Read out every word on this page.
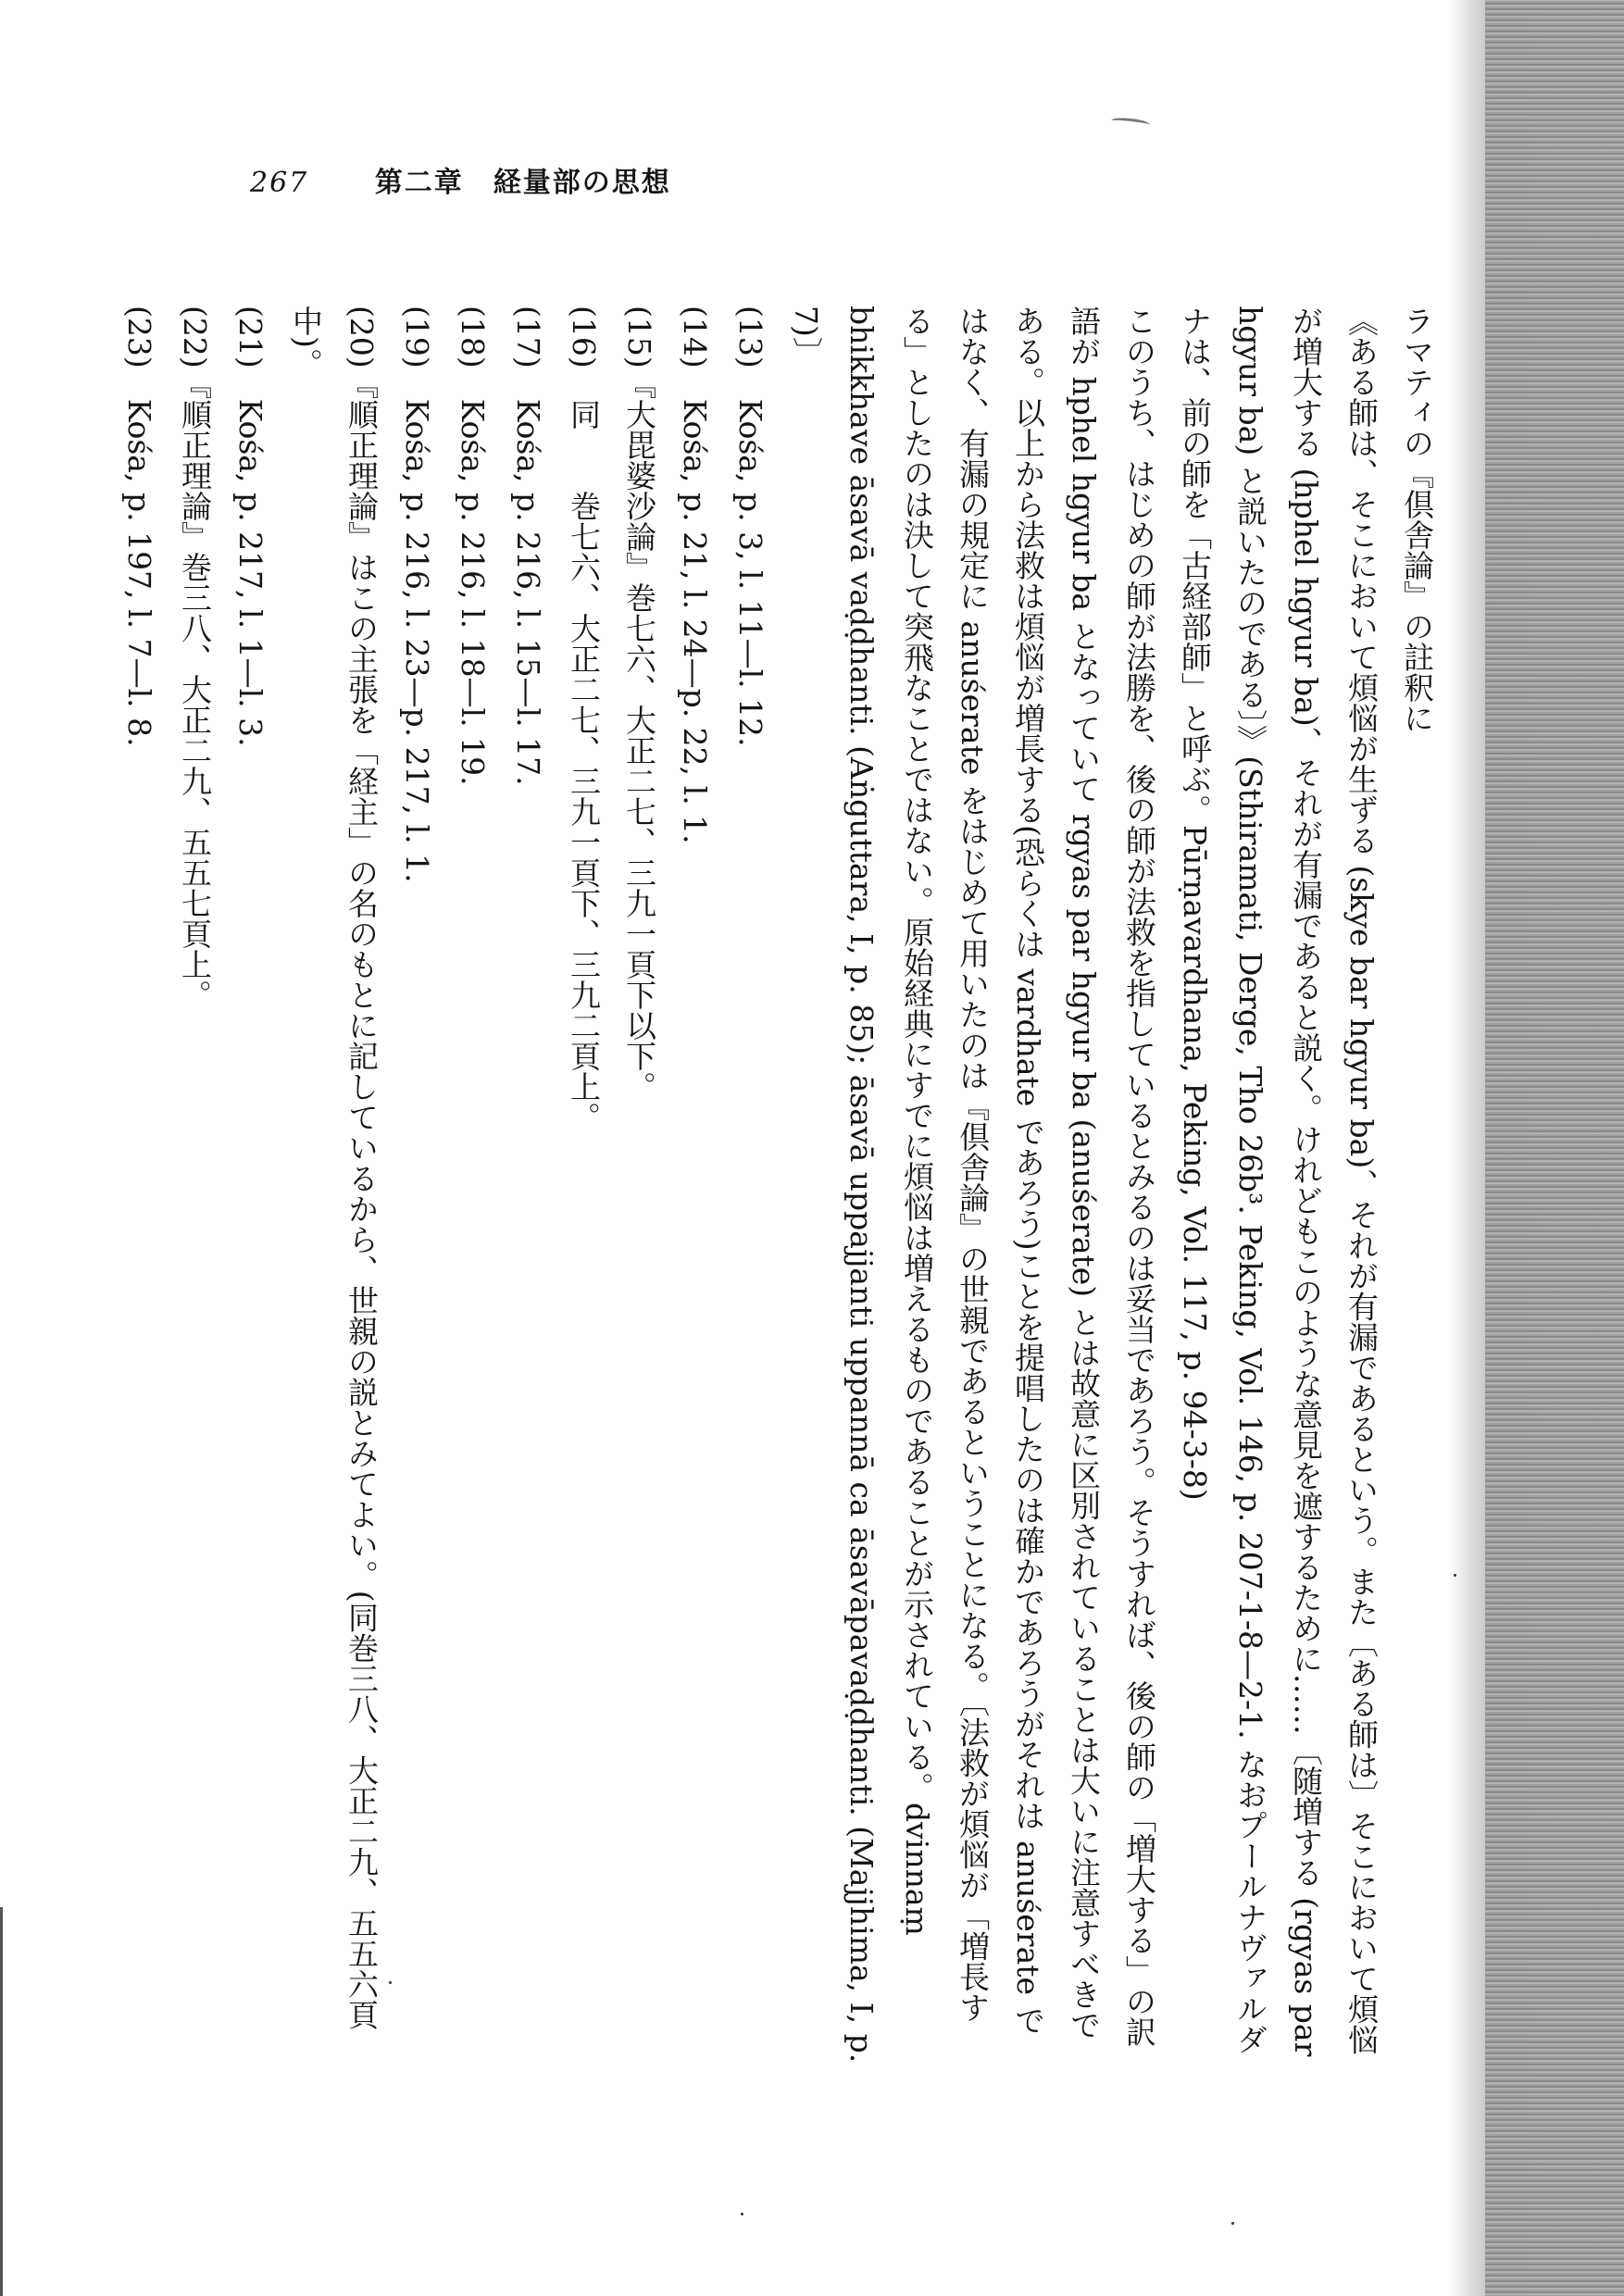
267 第二章　経量部の思想

ラマティの『倶舎論』の註釈に

《ある師は、そこにおいて煩悩が生ずる (skye bar hgyur ba)、それが有漏であるという。また〔ある師は〕そこにおいて煩悩が増大する (hphel hgyur ba)、それが有漏であると説く。けれどもこのような意見を遮するために……〔随増する (rgyas par hgyur ba) と説いたのである〕》(Sthiramati, Derge, Tho 26b³. Peking, Vol. 146, p. 207-1-8—2-1. なおプールナヴァルダナは、前の師を「古経部師」と呼ぶ。Pūrṇavardhana, Peking, Vol. 117, p. 94-3-8)

このうち、はじめの師が法勝を、後の師が法救を指しているとみるのは妥当であろう。そうすれば、後の師の「増大する」の訳語が hphel hgyur ba となっていて rgyas par hgyur ba (anuśerate) とは故意に区別されていることは大いに注意すべきである。以上から法救は煩悩が増長する(恐らくは vardhate であろう)ことを提唱したのは確かであろうがそれは anuśerate ではなく、有漏の規定に anuśerate をはじめて用いたのは『倶舎論』の世親であるということになる。〔法救が煩悩が「増長する」としたのは決して突飛なことではない。原始経典にすでに煩悩は増えるものであることが示されている。dvinnaṃ bhikkhave āsavā vaḍḍhanti. (Aṅguttara, I, p. 85); āsavā uppajjanti uppannā ca āsavāpavaḍḍhanti. (Majjhima, I, p. 7)〕

(13)　Kośa, p. 3, l. 11—l. 12.

(14)　Kośa, p. 21, l. 24—p. 22, l. 1.

(15)『大毘婆沙論』巻七六、大正二七、三九一頁下以下。

(16)　同　　巻七六、大正二七、三九一頁下、三九二頁上。

(17)　Kośa, p. 216, l. 15—l. 17.

(18)　Kośa, p. 216, l. 18—l. 19.

(19)　Kośa, p. 216, l. 23—p. 217, l. 1.

(20)『順正理論』はこの主張を「経主」の名のもとに記しているから、世親の説とみてよい。(同巻三八、大正二九、五五六頁中)。

(21)　Kośa, p. 217, l. 1—l. 3.

(22)『順正理論』巻三八、大正二九、五五七頁上。

(23)　Kośa, p. 197, l. 7—l. 8.
